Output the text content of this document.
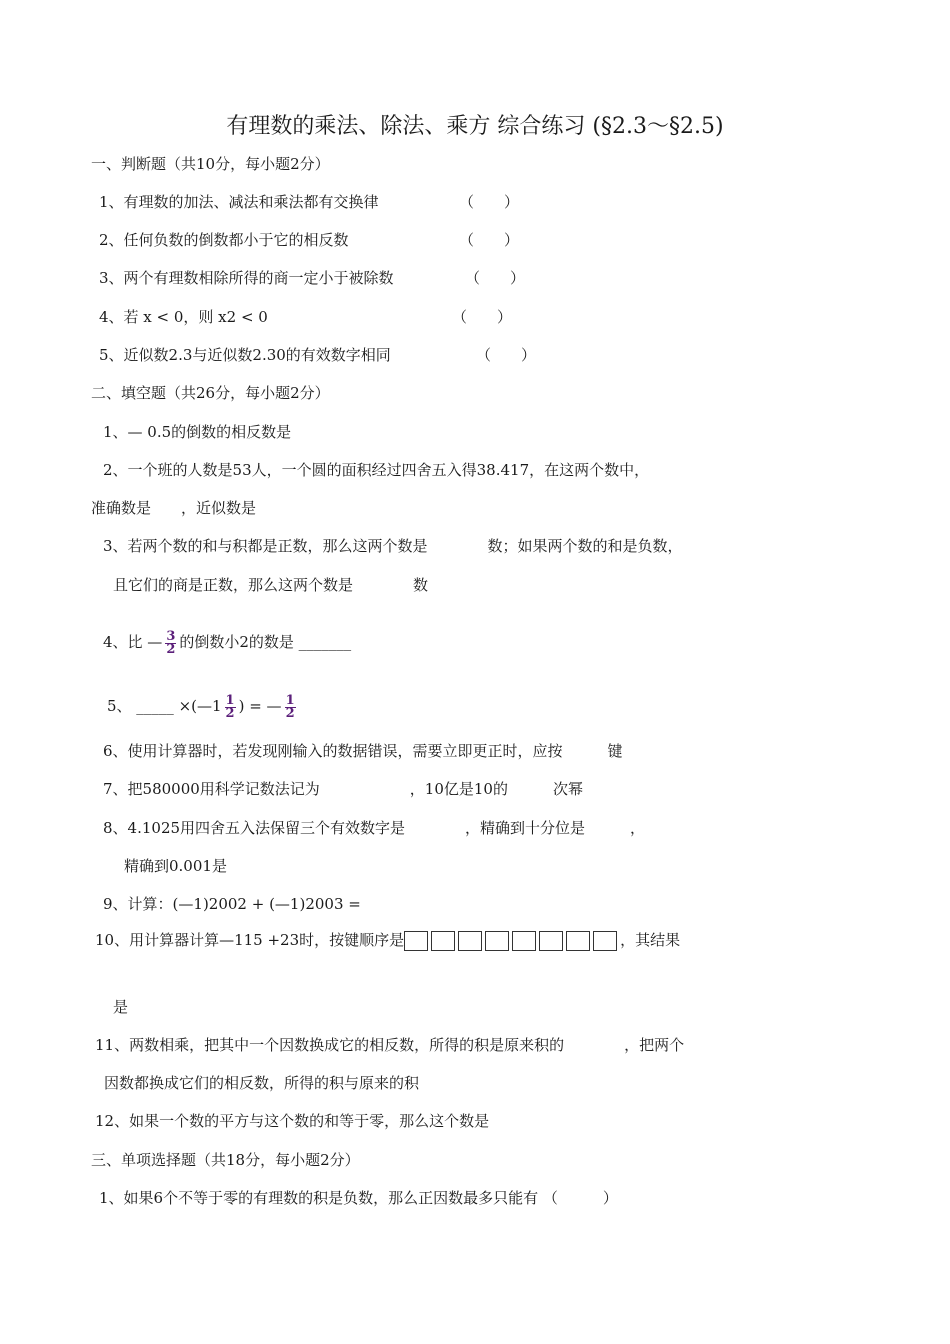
有理数的乘法、除法、乘方 综合练习 (§2.3～§2.5)
一、判断题（共10分，每小题2分）
1、有理数的加法、减法和乘法都有交换律	（　　）
2、任何负数的倒数都小于它的相反数	（　　）
3、两个有理数相除所得的商一定小于被除数	（　　）
4、若 x < 0，则 x2 < 0	（　　）
5、近似数2.3与近似数2.30的有效数字相同	（　　）
二、填空题（共26分，每小题2分）
1、— 0.5的倒数的相反数是
2、一个班的人数是53人，一个圆的面积经过四舍五入得38.417，在这两个数中，
准确数是　　，近似数是
3、若两个数的和与积都是正数，那么这两个数是　　　　数；如果两个数的和是负数，
且它们的商是正数，那么这两个数是　　　　数
4、比 — $\frac{3}{2}$ 的倒数小2的数是 _______
5、 _____ ×(—1 $\frac{1}{2}$ ) = — $\frac{1}{2}$
6、使用计算器时，若发现刚输入的数据错误，需要立即更正时，应按　　　键
7、把580000用科学记数法记为　　　　　　，10亿是10的　　　次幂
8、4.1025用四舍五入法保留三个有效数字是　　　　，精确到十分位是　　　，
精确到0.001是
9、计算：(—1)2002 + (—1)2003 =
10、用计算器计算—115 +23时，按键顺序是	，其结果
是
11、两数相乘，把其中一个因数换成它的相反数，所得的积是原来积的　　　　，把两个
因数都换成它们的相反数，所得的积与原来的积
12、如果一个数的平方与这个数的和等于零，那么这个数是
三、单项选择题（共18分，每小题2分）
1、如果6个不等于零的有理数的积是负数，那么正因数最多只能有 （　　　）
